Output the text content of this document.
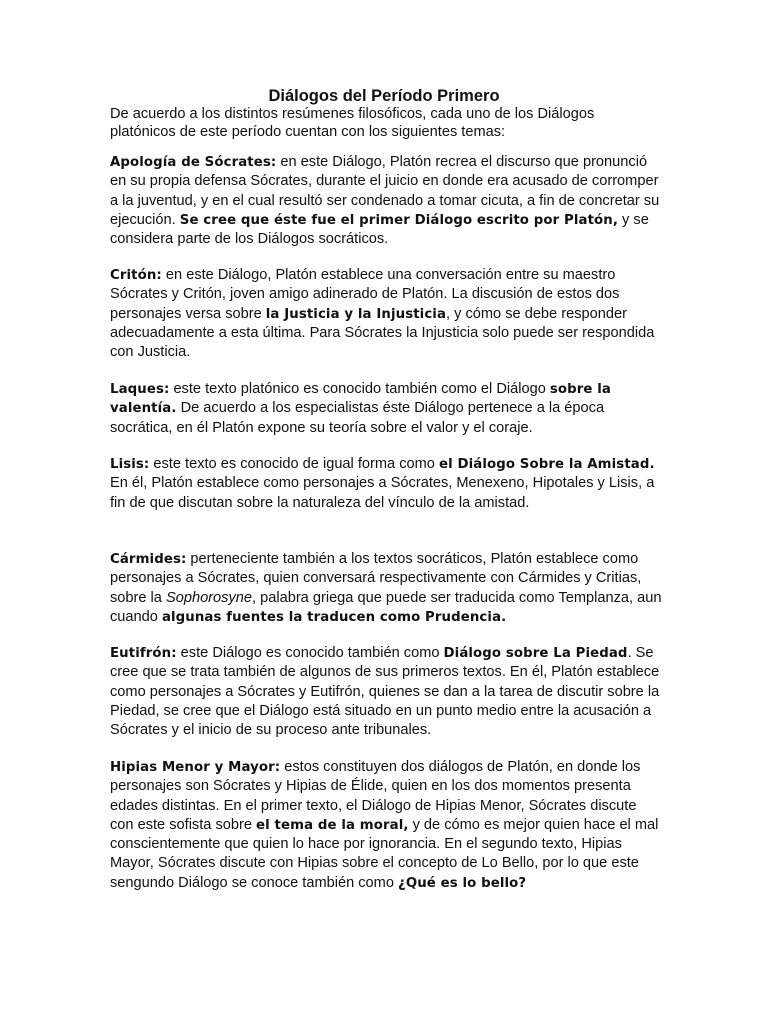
Diálogos del Período Primero

De acuerdo a los distintos resúmenes filosóficos, cada uno de los Diálogos platónicos de este período cuentan con los siguientes temas:

Apología de Sócrates: en este Diálogo, Platón recrea el discurso que pronunció en su propia defensa Sócrates, durante el juicio en donde era acusado de corromper a la juventud, y en el cual resultó ser condenado a tomar cicuta, a fin de concretar su ejecución. Se cree que éste fue el primer Diálogo escrito por Platón, y se considera parte de los Diálogos socráticos.

Critón: en este Diálogo, Platón establece una conversación entre su maestro Sócrates y Critón, joven amigo adinerado de Platón. La discusión de estos dos personajes versa sobre la Justicia y la Injusticia, y cómo se debe responder adecuadamente a esta última. Para Sócrates la Injusticia solo puede ser respondida con Justicia.

Laques: este texto platónico es conocido también como el Diálogo sobre la valentía. De acuerdo a los especialistas éste Diálogo pertenece a la época socrática, en él Platón expone su teoría sobre el valor y el coraje.

Lisis: este texto es conocido de igual forma como el Diálogo Sobre la Amistad. En él, Platón establece como personajes a Sócrates, Menexeno, Hipotales y Lisis, a fin de que discutan sobre la naturaleza del vínculo de la amistad.

Cármides: perteneciente también a los textos socráticos, Platón establece como personajes a Sócrates, quien conversará respectivamente con Cármides y Critias, sobre la Sophorosyne, palabra griega que puede ser traducida como Templanza, aun cuando algunas fuentes la traducen como Prudencia.

Eutifrón: este Diálogo es conocido también como Diálogo sobre La Piedad. Se cree que se trata también de algunos de sus primeros textos. En él, Platón establece como personajes a Sócrates y Eutifrón, quienes se dan a la tarea de discutir sobre la Piedad, se cree que el Diálogo está situado en un punto medio entre la acusación a Sócrates y el inicio de su proceso ante tribunales.

Hipias Menor y Mayor: estos constituyen dos diálogos de Platón, en donde los personajes son Sócrates y Hipias de Élide, quien en los dos momentos presenta edades distintas. En el primer texto, el Diálogo de Hipias Menor, Sócrates discute con este sofista sobre el tema de la moral, y de cómo es mejor quien hace el mal conscientemente que quien lo hace por ignorancia. En el segundo texto, Hipias Mayor, Sócrates discute con Hipias sobre el concepto de Lo Bello, por lo que este sengundo Diálogo se conoce también como ¿Qué es lo bello?
